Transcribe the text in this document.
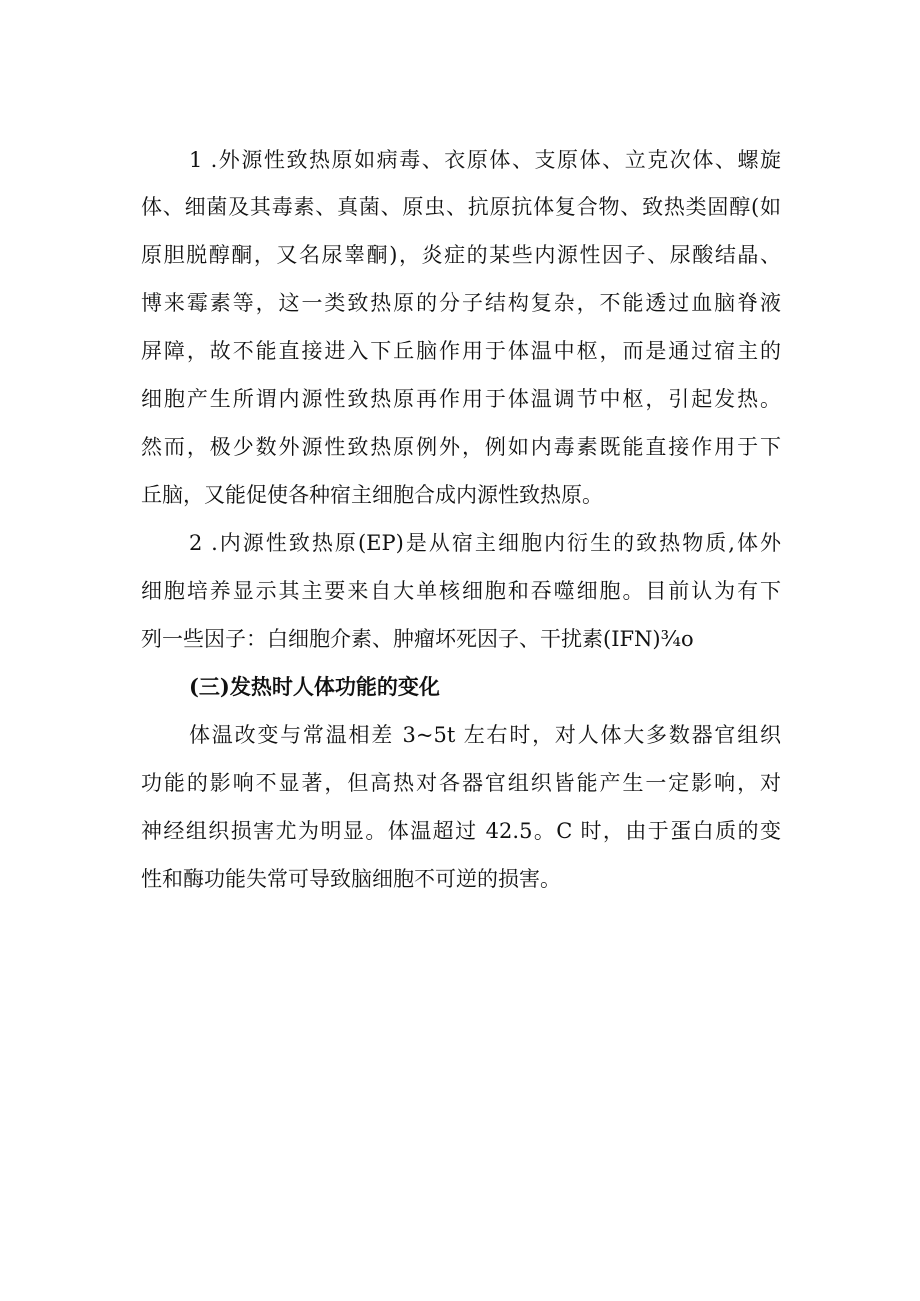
1 .外源性致热原如病毒、衣原体、支原体、立克次体、螺旋
体、细菌及其毒素、真菌、原虫、抗原抗体复合物、致热类固醇(如
原胆脱醇酮，又名尿睾酮)，炎症的某些内源性因子、尿酸结晶、
博来霉素等，这一类致热原的分子结构复杂，不能透过血脑脊液
屏障，故不能直接进入下丘脑作用于体温中枢，而是通过宿主的
细胞产生所谓内源性致热原再作用于体温调节中枢，引起发热。
然而，极少数外源性致热原例外，例如内毒素既能直接作用于下
丘脑，又能促使各种宿主细胞合成内源性致热原。
2 .内源性致热原(EP)是从宿主细胞内衍生的致热物质,体外
细胞培养显示其主要来自大单核细胞和吞噬细胞。目前认为有下
列一些因子：白细胞介素、肿瘤坏死因子、干扰素(IFN)¾o
(三)发热时人体功能的变化
体温改变与常温相差 3~5t 左右时，对人体大多数器官组织
功能的影响不显著，但高热对各器官组织皆能产生一定影响，对
神经组织损害尤为明显。体温超过 42.5。C 时，由于蛋白质的变
性和酶功能失常可导致脑细胞不可逆的损害。
